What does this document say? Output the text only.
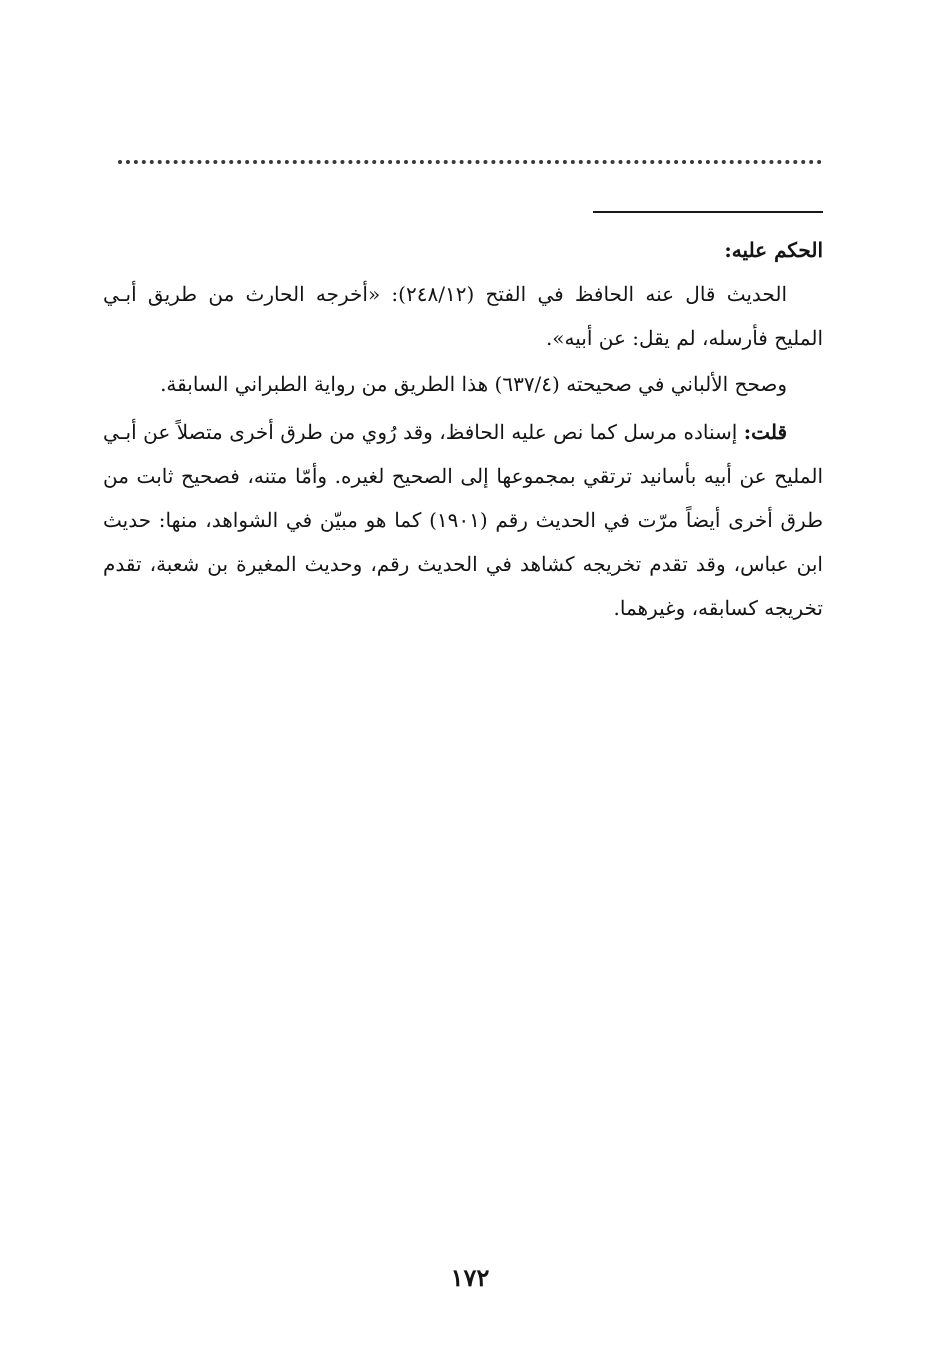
الحكم عليه:

الحديث قال عنه الحافظ في الفتح (٢٤٨/١٢): «أخرجه الحارث من طريق أبـي المليح فأرسله، لم يقل: عن أبيه».

وصحح الألباني في صحيحته (٦٣٧/٤) هذا الطريق من رواية الطبراني السابقة.

قلت: إسناده مرسل كما نص عليه الحافظ، وقد رُوي من طرق أخرى متصلاً عن أبـي المليح عن أبيه بأسانيد ترتقي بمجموعها إلى الصحيح لغيره. وأمّا متنه، فصحيح ثابت من طرق أخرى أيضاً مرّت في الحديث رقم (١٩٠١) كما هو مبيّن في الشواهد، منها: حديث ابن عباس، وقد تقدم تخريجه كشاهد في الحديث رقم، وحديث المغيرة بن شعبة، تقدم تخريجه كسابقه، وغيرهما.

١٧٢
